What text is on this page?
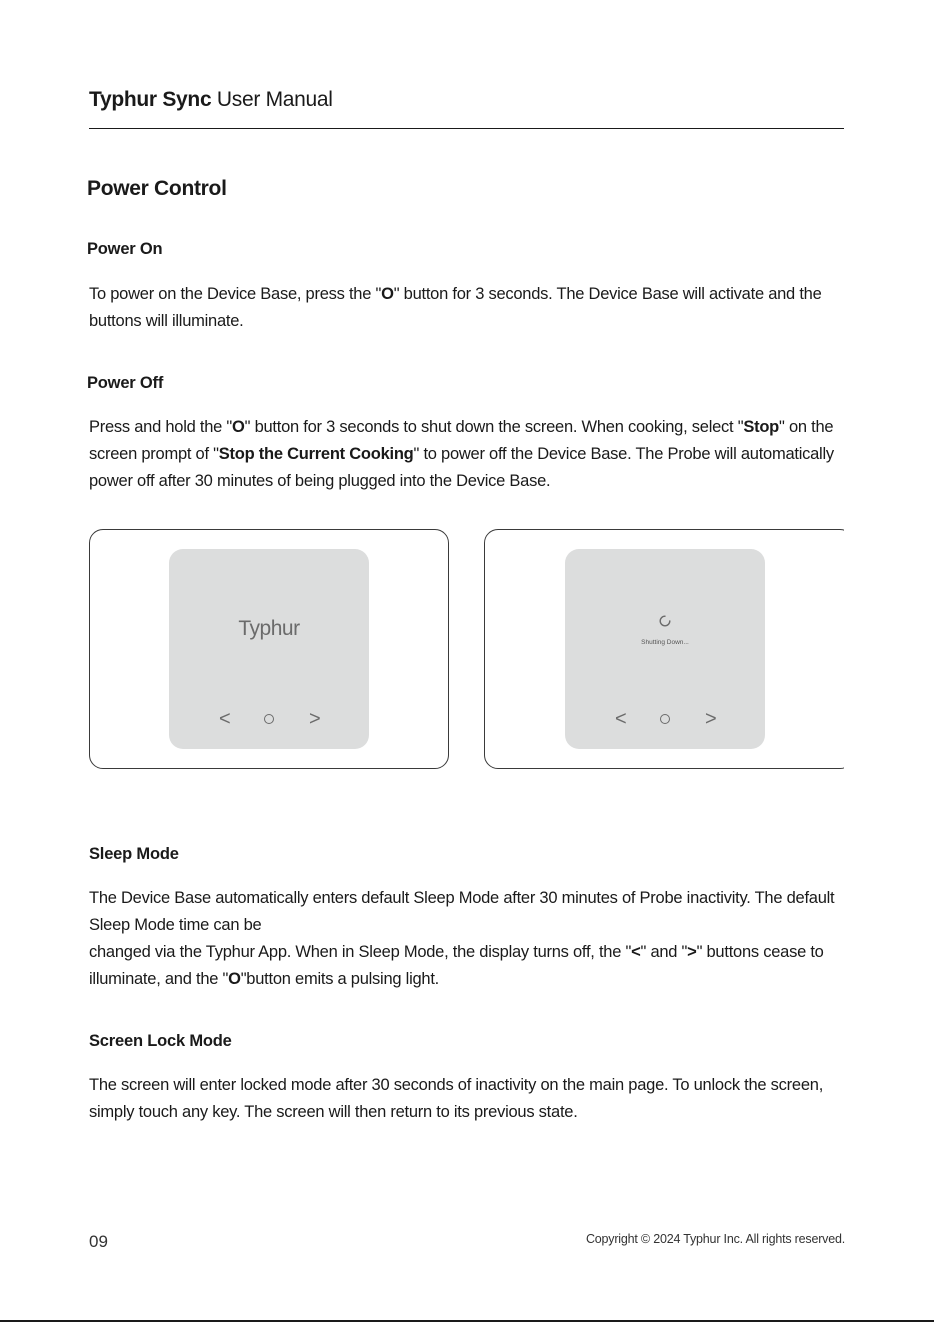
Typhur Sync User Manual
Power Control
Power On
To power on the Device Base, press the "O" button for 3 seconds. The Device Base will activate and the buttons will illuminate.
Power Off
Press and hold the "O" button for 3 seconds to shut down the screen. When cooking, select "Stop" on the screen prompt of "Stop the Current Cooking" to power off the Device Base. The Probe will automatically power off after 30 minutes of being plugged into the Device Base.
Typhur
<	>
Shutting Down...
<	>
Sleep Mode
The Device Base automatically enters default Sleep Mode after 30 minutes of Probe inactivity. The default Sleep Mode time can be
changed via the Typhur App. When in Sleep Mode, the display turns off, the "<" and ">" buttons cease to illuminate, and the "O"button emits a pulsing light.
Screen Lock Mode
The screen will enter locked mode after 30 seconds of inactivity on the main page. To unlock the screen, simply touch any key. The screen will then return to its previous state.
09	Copyright © 2024 Typhur Inc. All rights reserved.
